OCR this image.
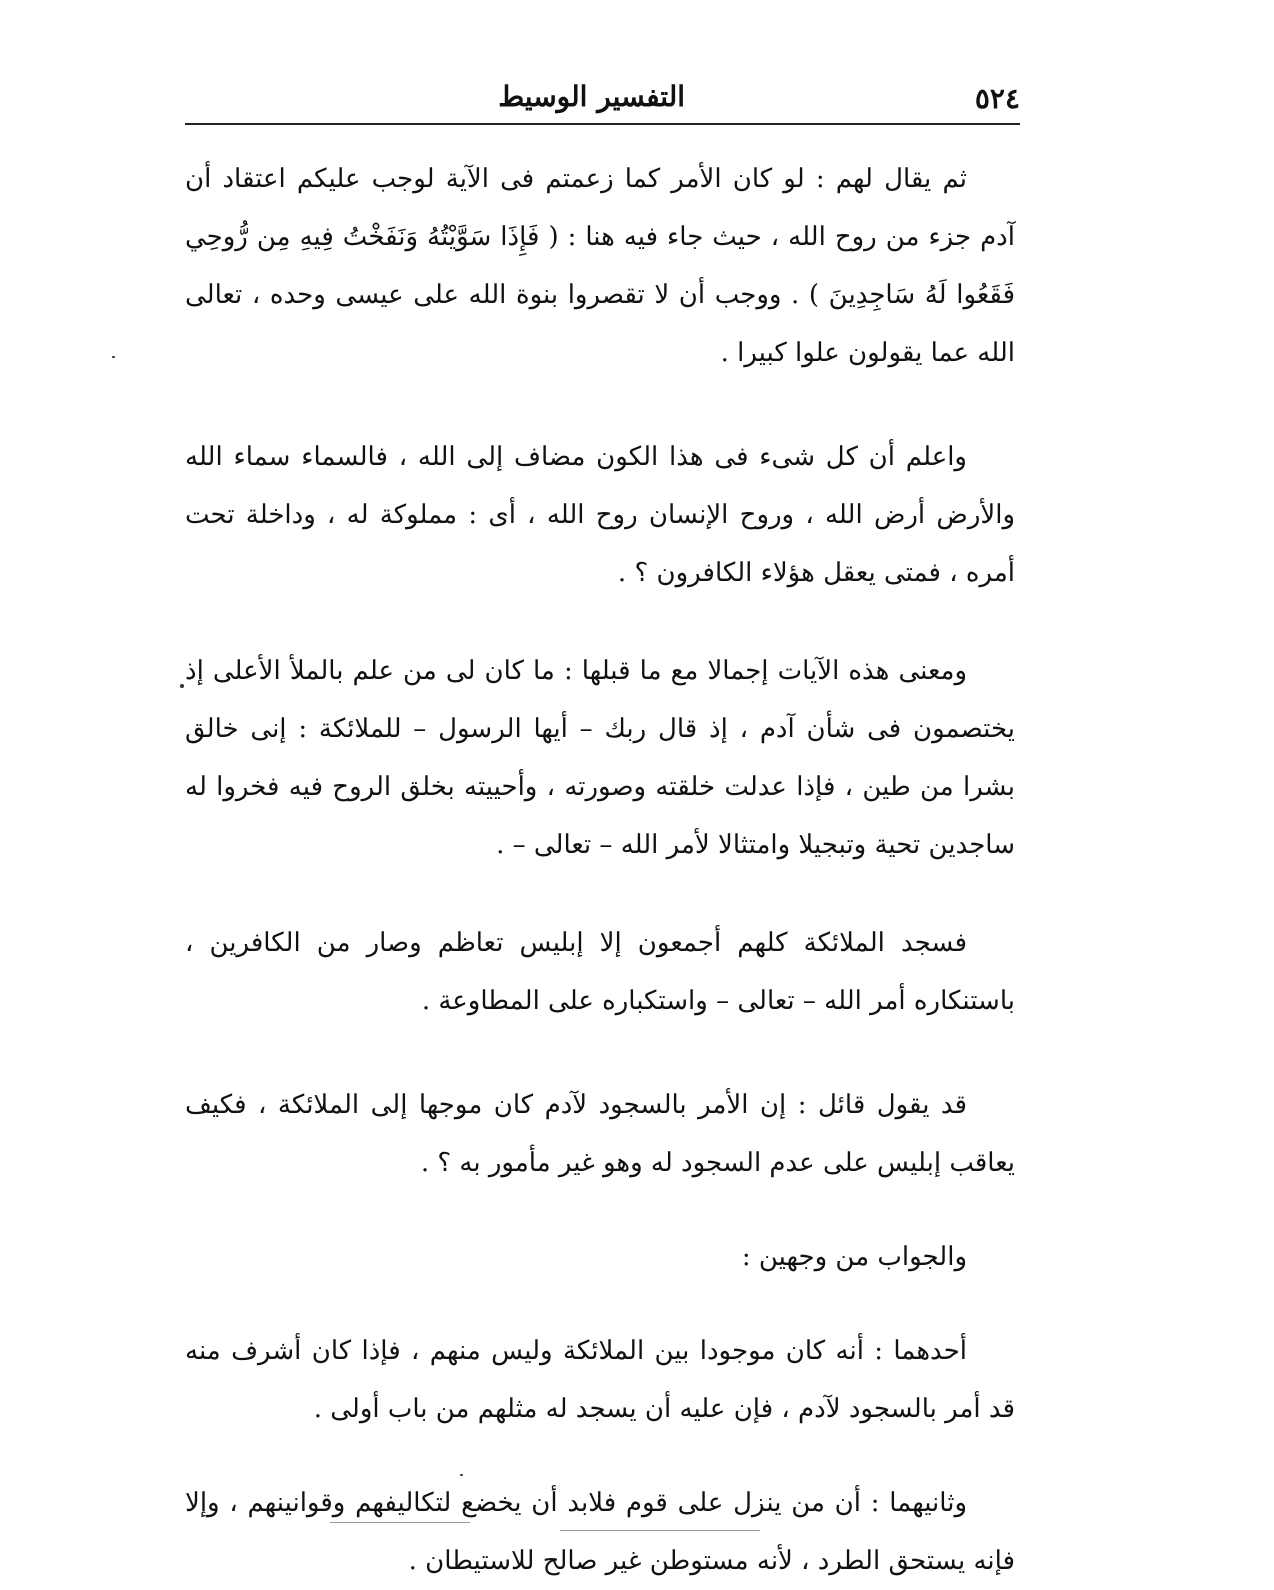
٥٢٤
التفسير الوسيط

ثم يقال لهم : لو كان الأمر كما زعمتم فى الآية لوجب عليكم اعتقاد أن آدم جزء من روح الله ، حيث جاء فيه هنا : ( فَإِذَا سَوَّيْتُهُ وَنَفَخْتُ فِيهِ مِن رُّوحِي فَقَعُوا لَهُ سَاجِدِينَ ) . ووجب أن لا تقصروا بنوة الله على عيسى وحده ، تعالى الله عما يقولون علوا كبيرا .

واعلم أن كل شىء فى هذا الكون مضاف إلى الله ، فالسماء سماء الله والأرض أرض الله ، وروح الإنسان روح الله ، أى : مملوكة له ، وداخلة تحت أمره ، فمتى يعقل هؤلاء الكافرون ؟ .

ومعنى هذه الآيات إجمالا مع ما قبلها : ما كان لى من علم بالملأ الأعلى إذ يختصمون فى شأن آدم ، إذ قال ربك – أيها الرسول – للملائكة : إنى خالق بشرا من طين ، فإذا عدلت خلقته وصورته ، وأحييته بخلق الروح فيه فخروا له ساجدين تحية وتبجيلا وامتثالا لأمر الله – تعالى – .

فسجد الملائكة كلهم أجمعون إلا إبليس تعاظم وصار من الكافرين ، باستنكاره أمر الله – تعالى – واستكباره على المطاوعة .

قد يقول قائل : إن الأمر بالسجود لآدم كان موجها إلى الملائكة ، فكيف يعاقب إبليس على عدم السجود له وهو غير مأمور به ؟ .

والجواب من وجهين :

أحدهما : أنه كان موجودا بين الملائكة وليس منهم ، فإذا كان أشرف منه قد أمر بالسجود لآدم ، فإن عليه أن يسجد له مثلهم من باب أولى .

وثانيهما : أن من ينزل على قوم فلابد أن يخضع لتكاليفهم وقوانينهم ، وإلا فإنه يستحق الطرد ، لأنه مستوطن غير صالح للاستيطان .
